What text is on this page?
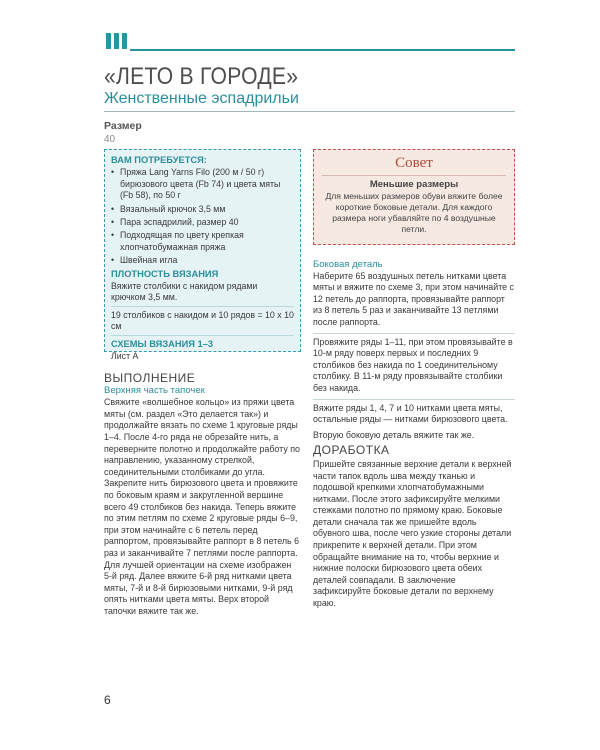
«ЛЕТО В ГОРОДЕ»
Женственные эспадрильи
Размер
40
ВАМ ПОТРЕБУЕТСЯ:
• Пряжа Lang Yarns Filo (200 м / 50 г) бирюзового цвета (Fb 74) и цвета мяты (Fb 58), по 50 г
• Вязальный крючок 3,5 мм
• Пара эспадрилий, размер 40
• Подходящая по цвету крепкая хлопчатобумажная пряжа
• Швейная игла
ПЛОТНОСТЬ ВЯЗАНИЯ

Вяжите столбики с накидом рядами крючком 3,5 мм.

19 столбиков с накидом и 10 рядов = 10 х 10 см

СХЕМЫ ВЯЗАНИЯ 1–3

Лист А

Совет
Меньшие размеры
Для меньших размеров обуви вяжите более короткие боковые детали. Для каждого размера ноги убавляйте по 4 воздушные петли.
Боковая деталь

Наберите 65 воздушных петель нитками цвета мяты и вяжите по схеме 3, при этом начинайте с 12 петель до раппорта, провязывайте раппорт из 8 петель 5 раз и заканчивайте 13 петлями после раппорта.

Провяжите ряды 1–11, при этом провязывайте в 10-м ряду поверх первых и последних 9 столбиков без накида по 1 соединительному столбику. В 11-м ряду провязывайте столбики без накида.

Вяжите ряды 1, 4, 7 и 10 нитками цвета мяты, остальные ряды — нитками бирюзового цвета.

Вторую боковую деталь вяжите так же.

ДОРАБОТКА

Пришейте связанные верхние детали к верхней части тапок вдоль шва между тканью и подошвой крепкими хлопчатобумажными нитками. После этого зафиксируйте мелкими стежками полотно по прямому краю. Боковые детали сначала так же пришейте вдоль обувного шва, после чего узкие стороны детали прикрепите к верхней детали. При этом обращайте внимание на то, чтобы верхние и нижние полоски бирюзового цвета обеих деталей совпадали. В заключение зафиксируйте боковые детали по верхнему краю.

ВЫПОЛНЕНИЕ
Верхняя часть тапочек

Свяжите «волшебное кольцо» из пряжи цвета мяты (см. раздел «Это делается так») и продолжайте вязать по схеме 1 круговые ряды 1–4. После 4-го ряда не обрезайте нить, а переверните полотно и продолжайте работу по направлению, указанному стрелкой, соединительными столбиками до угла. Закрепите нить бирюзового цвета и провяжите по боковым краям и закругленной вершине всего 49 столбиков без накида. Теперь вяжите по этим петлям по схеме 2 круговые ряды 6–9, при этом начинайте с 6 петель перед раппортом, провязывайте раппорт в 8 петель 6 раз и заканчивайте 7 петлями после раппорта. Для лучшей ориентации на схеме изображен 5-й ряд. Далее вяжите 6-й ряд нитками цвета мяты, 7-й и 8-й бирюзовыми нитками, 9-й ряд опять нитками цвета мяты. Верх второй тапочки вяжите так же.

6
